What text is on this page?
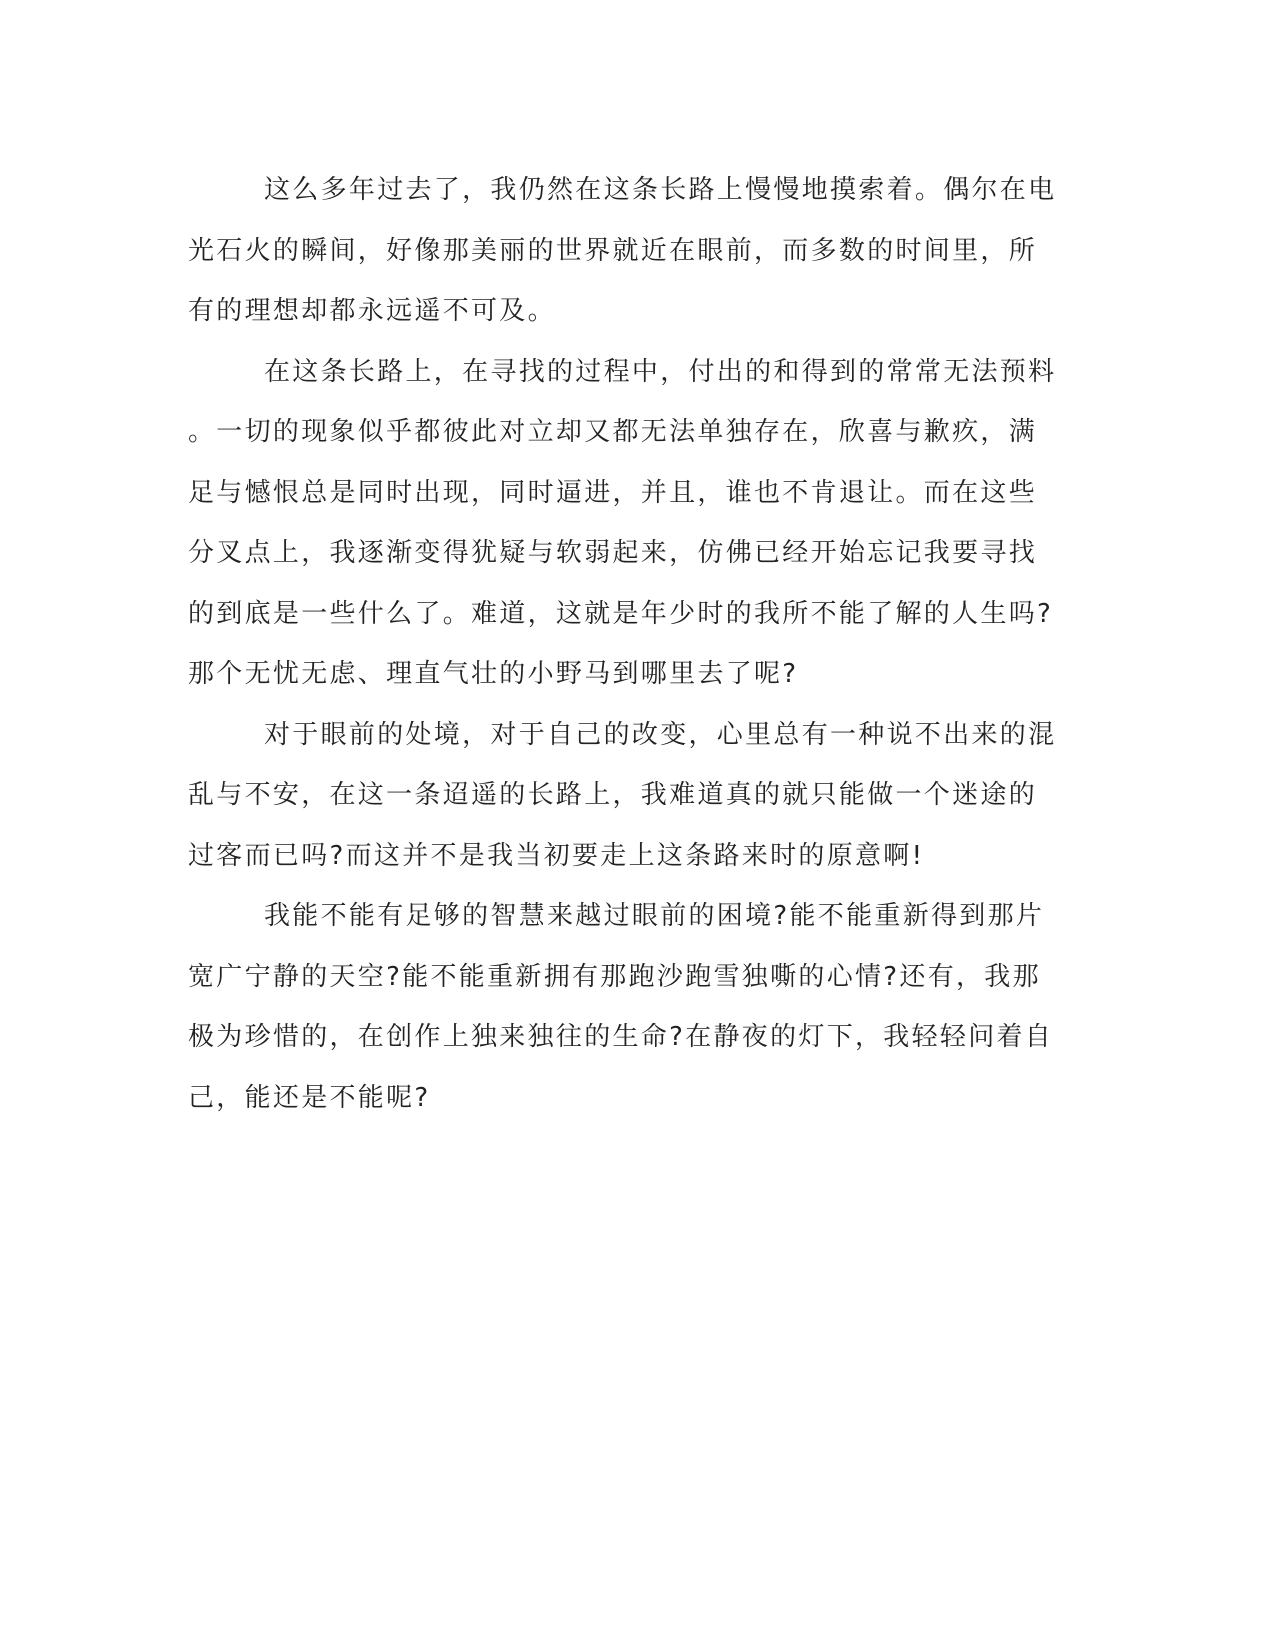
这么多年过去了，我仍然在这条长路上慢慢地摸索着。偶尔在电
光石火的瞬间，好像那美丽的世界就近在眼前，而多数的时间里，所
有的理想却都永远遥不可及。
在这条长路上，在寻找的过程中，付出的和得到的常常无法预料
。一切的现象似乎都彼此对立却又都无法单独存在，欣喜与歉疚，满
足与憾恨总是同时出现，同时逼进，并且，谁也不肯退让。而在这些
分叉点上，我逐渐变得犹疑与软弱起来，仿佛已经开始忘记我要寻找
的到底是一些什么了。难道，这就是年少时的我所不能了解的人生吗?
那个无忧无虑、理直气壮的小野马到哪里去了呢?
对于眼前的处境，对于自己的改变，心里总有一种说不出来的混
乱与不安，在这一条迢遥的长路上，我难道真的就只能做一个迷途的
过客而已吗?而这并不是我当初要走上这条路来时的原意啊!
我能不能有足够的智慧来越过眼前的困境?能不能重新得到那片
宽广宁静的天空?能不能重新拥有那跑沙跑雪独嘶的心情?还有，我那
极为珍惜的，在创作上独来独往的生命?在静夜的灯下，我轻轻问着自
己，能还是不能呢?
